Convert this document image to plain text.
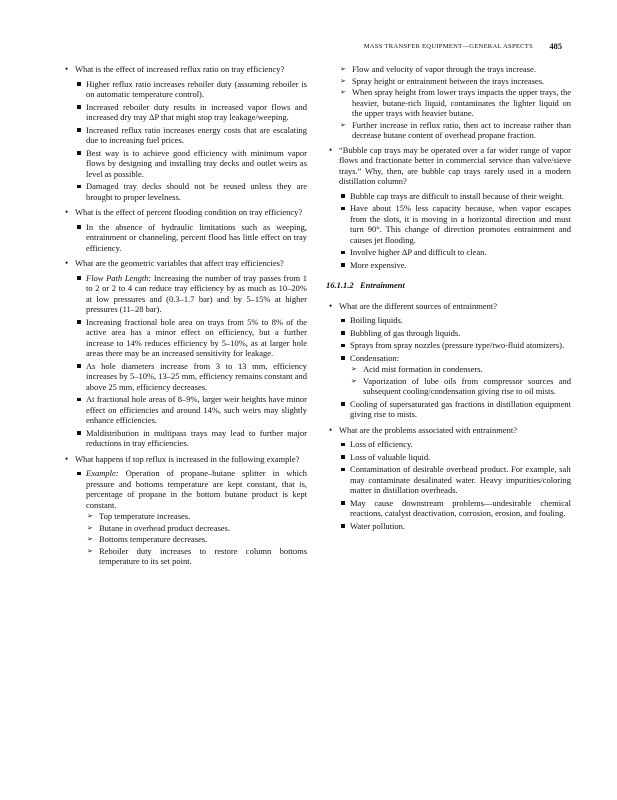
MASS TRANSFER EQUIPMENT—GENERAL ASPECTS 485
• What is the effect of increased reflux ratio on tray efficiency?
Higher reflux ratio increases reboiler duty (assuming reboiler is on automatic temperature control).
Increased reboiler duty results in increased vapor flows and increased dry tray ΔP that might stop tray leakage/weeping.
Increased reflux ratio increases energy costs that are escalating due to increasing fuel prices.
Best way is to achieve good efficiency with minimum vapor flows by designing and installing tray decks and outlet weirs as level as possible.
Damaged tray decks should not be reused unless they are brought to proper levelness.
• What is the effect of percent flooding condition on tray efficiency?
In the absence of hydraulic limitations such as weeping, entrainment or channeling, percent flood has little effect on tray efficiency.
• What are the geometric variables that affect tray efficiencies?
Flow Path Length: Increasing the number of tray passes from 1 to 2 or 2 to 4 can reduce tray efficiency by as much as 10–20% at low pressures and (0.3–1.7 bar) and by 5–15% at higher pressures (11–28 bar).
Increasing fractional hole area on trays from 5% to 8% of the active area has a minor effect on efficiency, but a further increase to 14% reduces efficiency by 5–10%, as at larger hole areas there may be an increased sensitivity for leakage.
As hole diameters increase from 3 to 13 mm, efficiency increases by 5–10%, 13–25 mm, efficiency remains constant and above 25 mm, efficiency decreases.
At fractional hole areas of 8–9%, larger weir heights have minor effect on efficiencies and around 14%, such weirs may slightly enhance efficiencies.
Maldistribution in multipass trays may lead to further major reductions in tray efficiencies.
• What happens if top reflux is increased in the following example?
Example: Operation of propane–butane splitter in which pressure and bottoms temperature are kept constant, that is, percentage of propane in the bottom butane product is kept constant.
➢ Top temperature increases.
➢ Butane in overhead product decreases.
➢ Bottoms temperature decreases.
➢ Reboiler duty increases to restore column bottoms temperature to its set point.
➢ Flow and velocity of vapor through the trays increase.
➢ Spray height or entrainment between the trays increases.
➢ When spray height from lower trays impacts the upper trays, the heavier, butane-rich liquid, contaminates the lighter liquid on the upper trays with heavier butane.
➢ Further increase in reflux ratio, then act to increase rather than decrease butane content of overhead propane fraction.
• “Bubble cap trays may be operated over a far wider range of vapor flows and fractionate better in commercial service than valve/sieve trays.” Why, then, are bubble cap trays rarely used in a modern distillation column?
Bubble cap trays are difficult to install because of their weight.
Have about 15% less capacity because, when vapor escapes from the slots, it is moving in a horizontal direction and must turn 90°. This change of direction promotes entrainment and causes jet flooding.
Involve higher ΔP and difficult to clean.
More expensive.
16.1.1.2 Entrainment
• What are the different sources of entrainment?
Boiling liquids.
Bubbling of gas through liquids.
Sprays from spray nozzles (pressure type/two-fluid atomizers).
Condensation:
➢ Acid mist formation in condensers.
➢ Vaporization of lube oils from compressor sources and subsequent cooling/condensation giving rise to oil mists.
Cooling of supersaturated gas fractions in distillation equipment giving rise to mists.
• What are the problems associated with entrainment?
Loss of efficiency.
Loss of valuable liquid.
Contamination of desirable overhead product. For example, salt may contaminate desalinated water. Heavy impurities/coloring matter in distillation overheads.
May cause downstream problems—undesirable chemical reactions, catalyst deactivation, corrosion, erosion, and fouling.
Water pollution.
